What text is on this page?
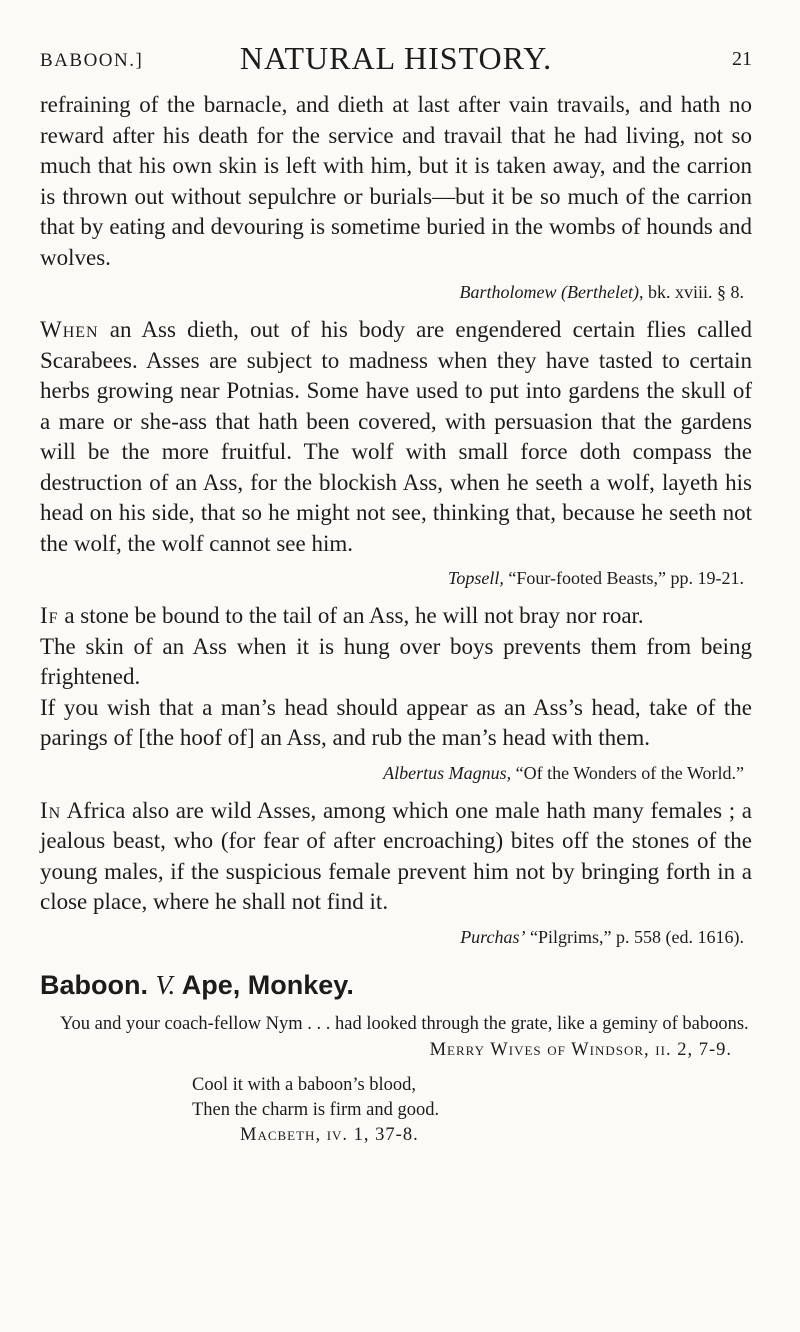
BABOON.]	NATURAL HISTORY.	21

refraining of the barnacle, and dieth at last after vain travails, and hath no reward after his death for the service and travail that he had living, not so much that his own skin is left with him, but it is taken away, and the carrion is thrown out without sepulchre or burials—but it be so much of the carrion that by eating and devouring is sometime buried in the wombs of hounds and wolves.

Bartholomew (Berthelet), bk. xviii. § 8.

When an Ass dieth, out of his body are engendered certain flies called Scarabees. Asses are subject to madness when they have tasted to certain herbs growing near Potnias. Some have used to put into gardens the skull of a mare or she-ass that hath been covered, with persuasion that the gardens will be the more fruitful. The wolf with small force doth compass the destruction of an Ass, for the blockish Ass, when he seeth a wolf, layeth his head on his side, that so he might not see, thinking that, because he seeth not the wolf, the wolf cannot see him.

Topsell, “Four-footed Beasts,” pp. 19-21.

If a stone be bound to the tail of an Ass, he will not bray nor roar.

The skin of an Ass when it is hung over boys prevents them from being frightened.

If you wish that a man’s head should appear as an Ass’s head, take of the parings of [the hoof of] an Ass, and rub the man’s head with them.

Albertus Magnus, “Of the Wonders of the World.”

In Africa also are wild Asses, among which one male hath many females ; a jealous beast, who (for fear of after encroaching) bites off the stones of the young males, if the suspicious female prevent him not by bringing forth in a close place, where he shall not find it.

Purchas’ “Pilgrims,” p. 558 (ed. 1616).
Baboon. V. Ape, Monkey.
You and your coach-fellow Nym . . . had looked through the grate, like a geminy of baboons.
Merry Wives of Windsor, ii. 2, 7-9.
Cool it with a baboon’s blood,
Then the charm is firm and good.
Macbeth, iv. 1, 37-8.
